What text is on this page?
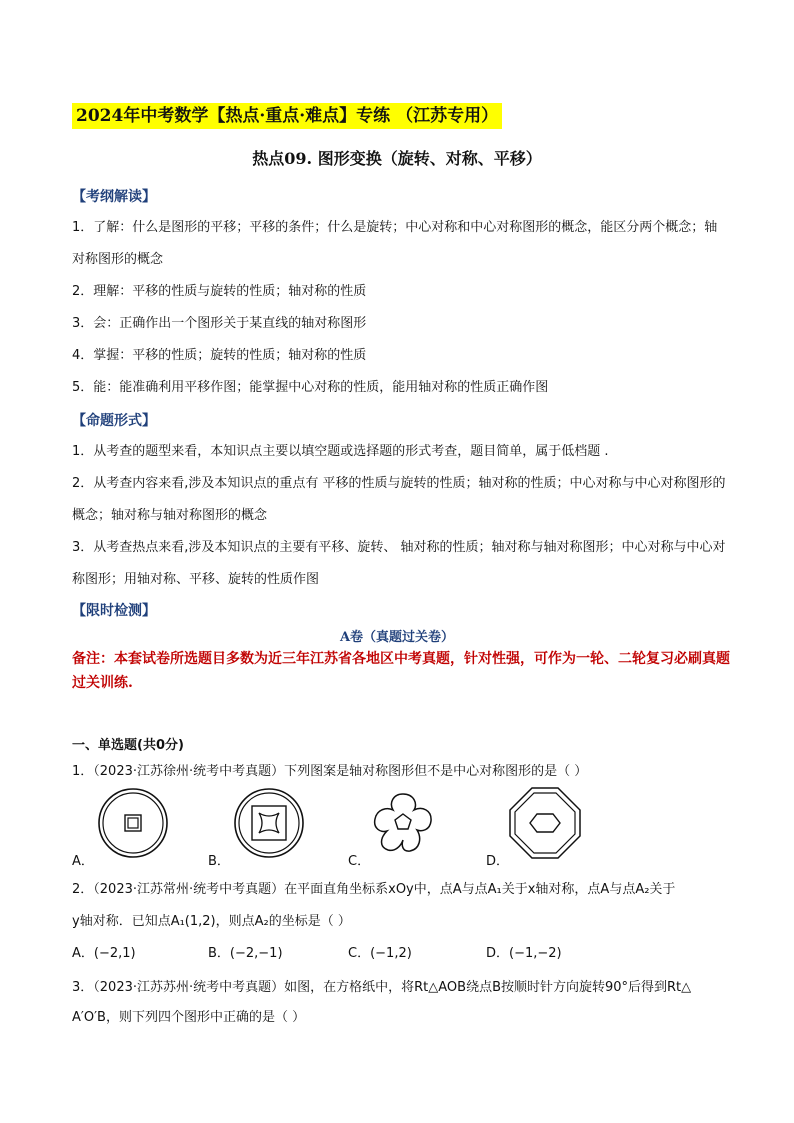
2024年中考数学【热点·重点·难点】专练 （江苏专用）
热点09. 图形变换（旋转、对称、平移）
【考纲解读】
1．了解：什么是图形的平移；平移的条件；什么是旋转；中心对称和中心对称图形的概念，能区分两个概念；轴对称图形的概念
2．理解：平移的性质与旋转的性质；轴对称的性质
3．会：正确作出一个图形关于某直线的轴对称图形
4．掌握：平移的性质；旋转的性质；轴对称的性质
5．能：能准确利用平移作图；能掌握中心对称的性质，能用轴对称的性质正确作图
【命题形式】
1．从考查的题型来看，本知识点主要以填空题或选择题的形式考查，题目简单，属于低档题 .
2．从考查内容来看,涉及本知识点的重点有 平移的性质与旋转的性质；轴对称的性质；中心对称与中心对称图形的概念；轴对称与轴对称图形的概念
3．从考查热点来看,涉及本知识点的主要有平移、旋转、 轴对称的性质；轴对称与轴对称图形；中心对称与中心对称图形；用轴对称、平移、旋转的性质作图
【限时检测】
A卷（真题过关卷）
备注：本套试卷所选题目多数为近三年江苏省各地区中考真题，针对性强，可作为一轮、二轮复习必刷真题过关训练.
一、单选题(共0分)
1．（2023·江苏徐州·统考中考真题）下列图案是轴对称图形但不是中心对称图形的是（ ）
A．	B．	C．	D．
2．（2023·江苏常州·统考中考真题）在平面直角坐标系xOy中，点A与点A₁关于x轴对称，点A与点A₂关于
y轴对称．已知点A₁(1,2)，则点A₂的坐标是（ ）
A．(−2,1)	B．(−2,−1)	C．(−1,2)	D．(−1,−2)
3．（2023·江苏苏州·统考中考真题）如图，在方格纸中，将Rt△AOB绕点B按顺时针方向旋转90°后得到Rt△
A′O′B，则下列四个图形中正确的是（ ）
